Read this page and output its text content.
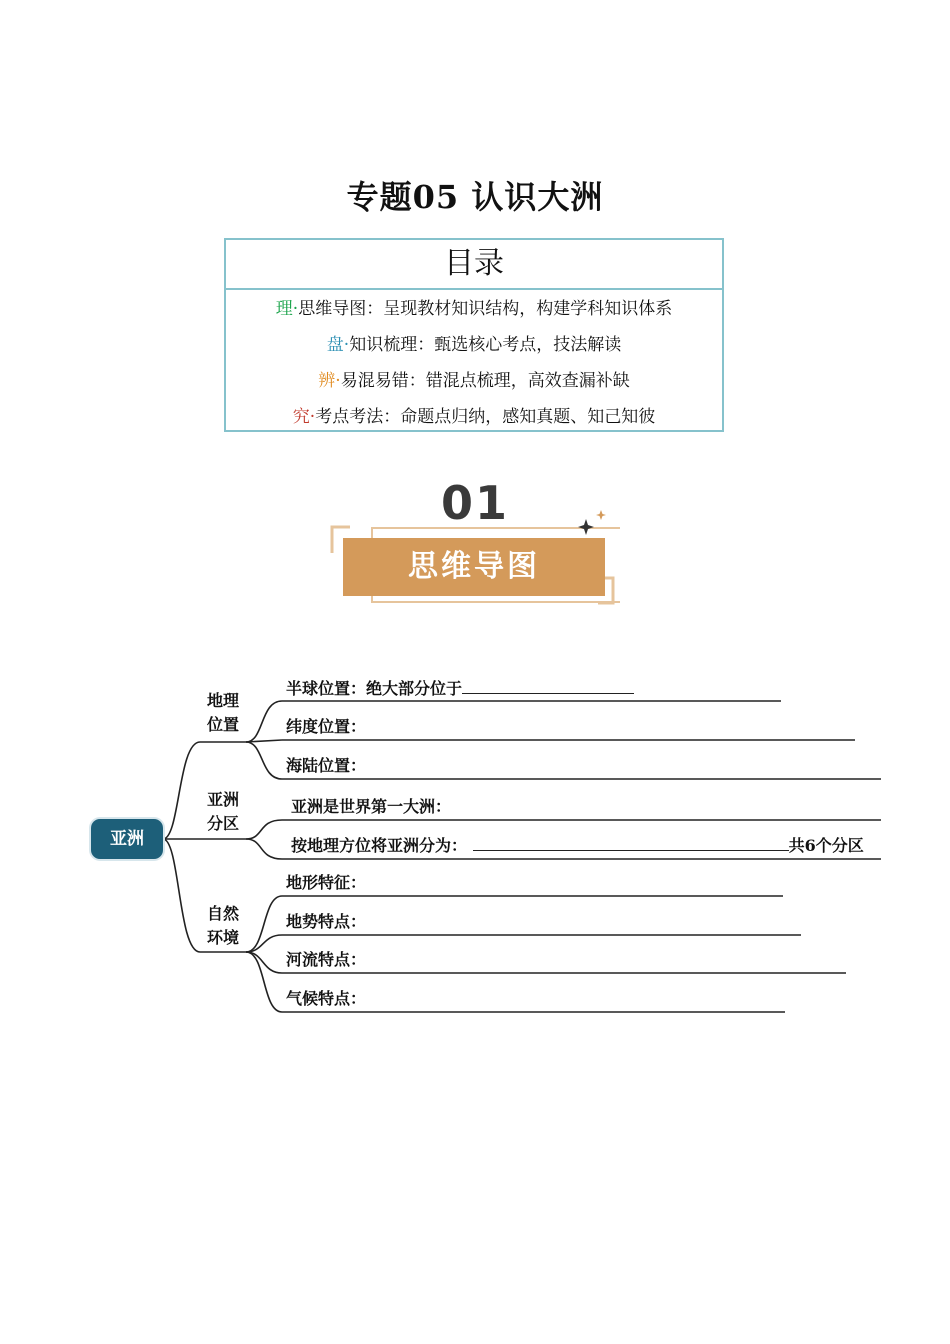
专题05 认识大洲
目录
理·思维导图：呈现教材知识结构，构建学科知识体系
盘·知识梳理：甄选核心考点，技法解读
辨·易混易错：错混点梳理，高效查漏补缺
究·考点考法：命题点归纳，感知真题、知己知彼
01
思维导图
亚洲
地理
位置
亚洲
分区
自然
环境
半球位置：绝大部分位于
纬度位置：
海陆位置：
亚洲是世界第一大洲：
按地理方位将亚洲分为：	共6个分区
地形特征：
地势特点：
河流特点：
气候特点：
